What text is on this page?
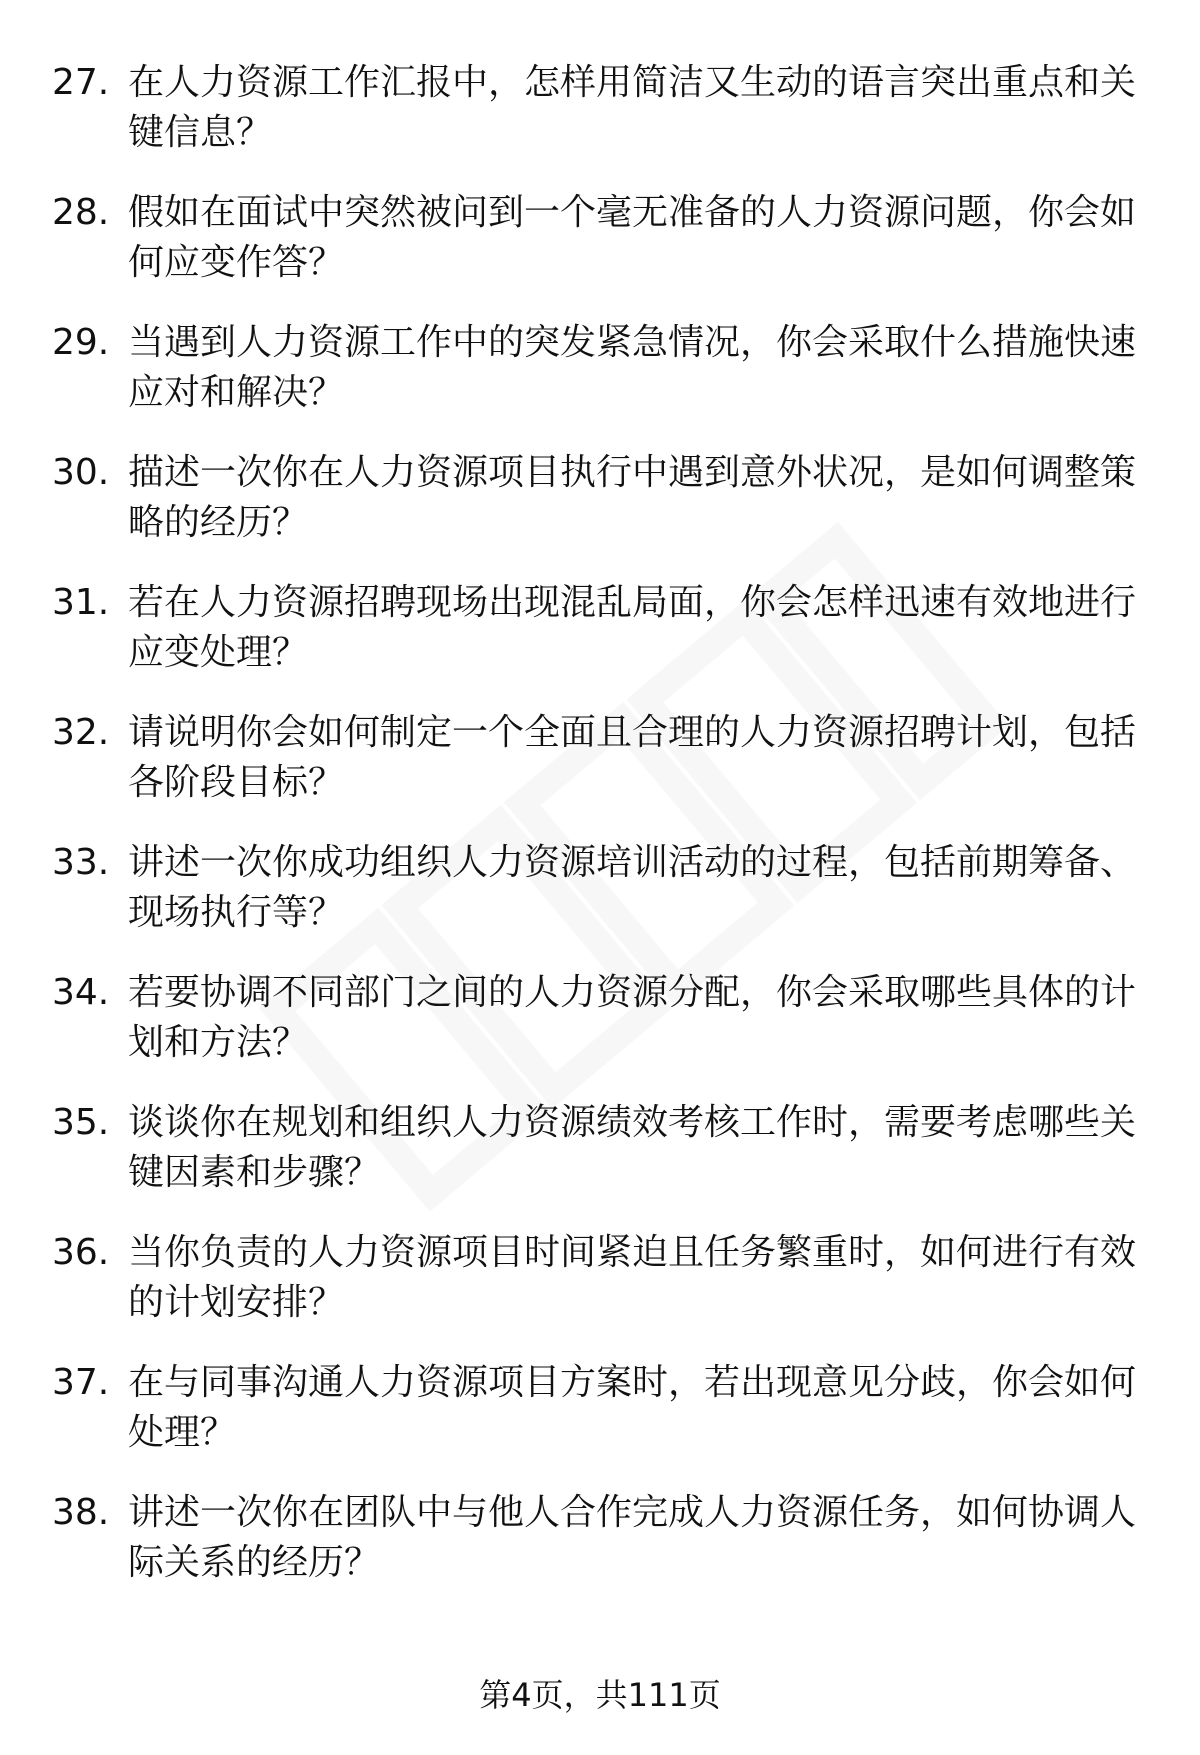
27. 在人力资源工作汇报中，怎样用简洁又生动的语言突出重点和关键信息？
28. 假如在面试中突然被问到一个毫无准备的人力资源问题，你会如何应变作答？
29. 当遇到人力资源工作中的突发紧急情况，你会采取什么措施快速应对和解决？
30. 描述一次你在人力资源项目执行中遇到意外状况，是如何调整策略的经历？
31. 若在人力资源招聘现场出现混乱局面，你会怎样迅速有效地进行应变处理？
32. 请说明你会如何制定一个全面且合理的人力资源招聘计划，包括各阶段目标？
33. 讲述一次你成功组织人力资源培训活动的过程，包括前期筹备、现场执行等？
34. 若要协调不同部门之间的人力资源分配，你会采取哪些具体的计划和方法？
35. 谈谈你在规划和组织人力资源绩效考核工作时，需要考虑哪些关键因素和步骤？
36. 当你负责的人力资源项目时间紧迫且任务繁重时，如何进行有效的计划安排？
37. 在与同事沟通人力资源项目方案时，若出现意见分歧，你会如何处理？
38. 讲述一次你在团队中与他人合作完成人力资源任务，如何协调人际关系的经历？
第4页，共111页
